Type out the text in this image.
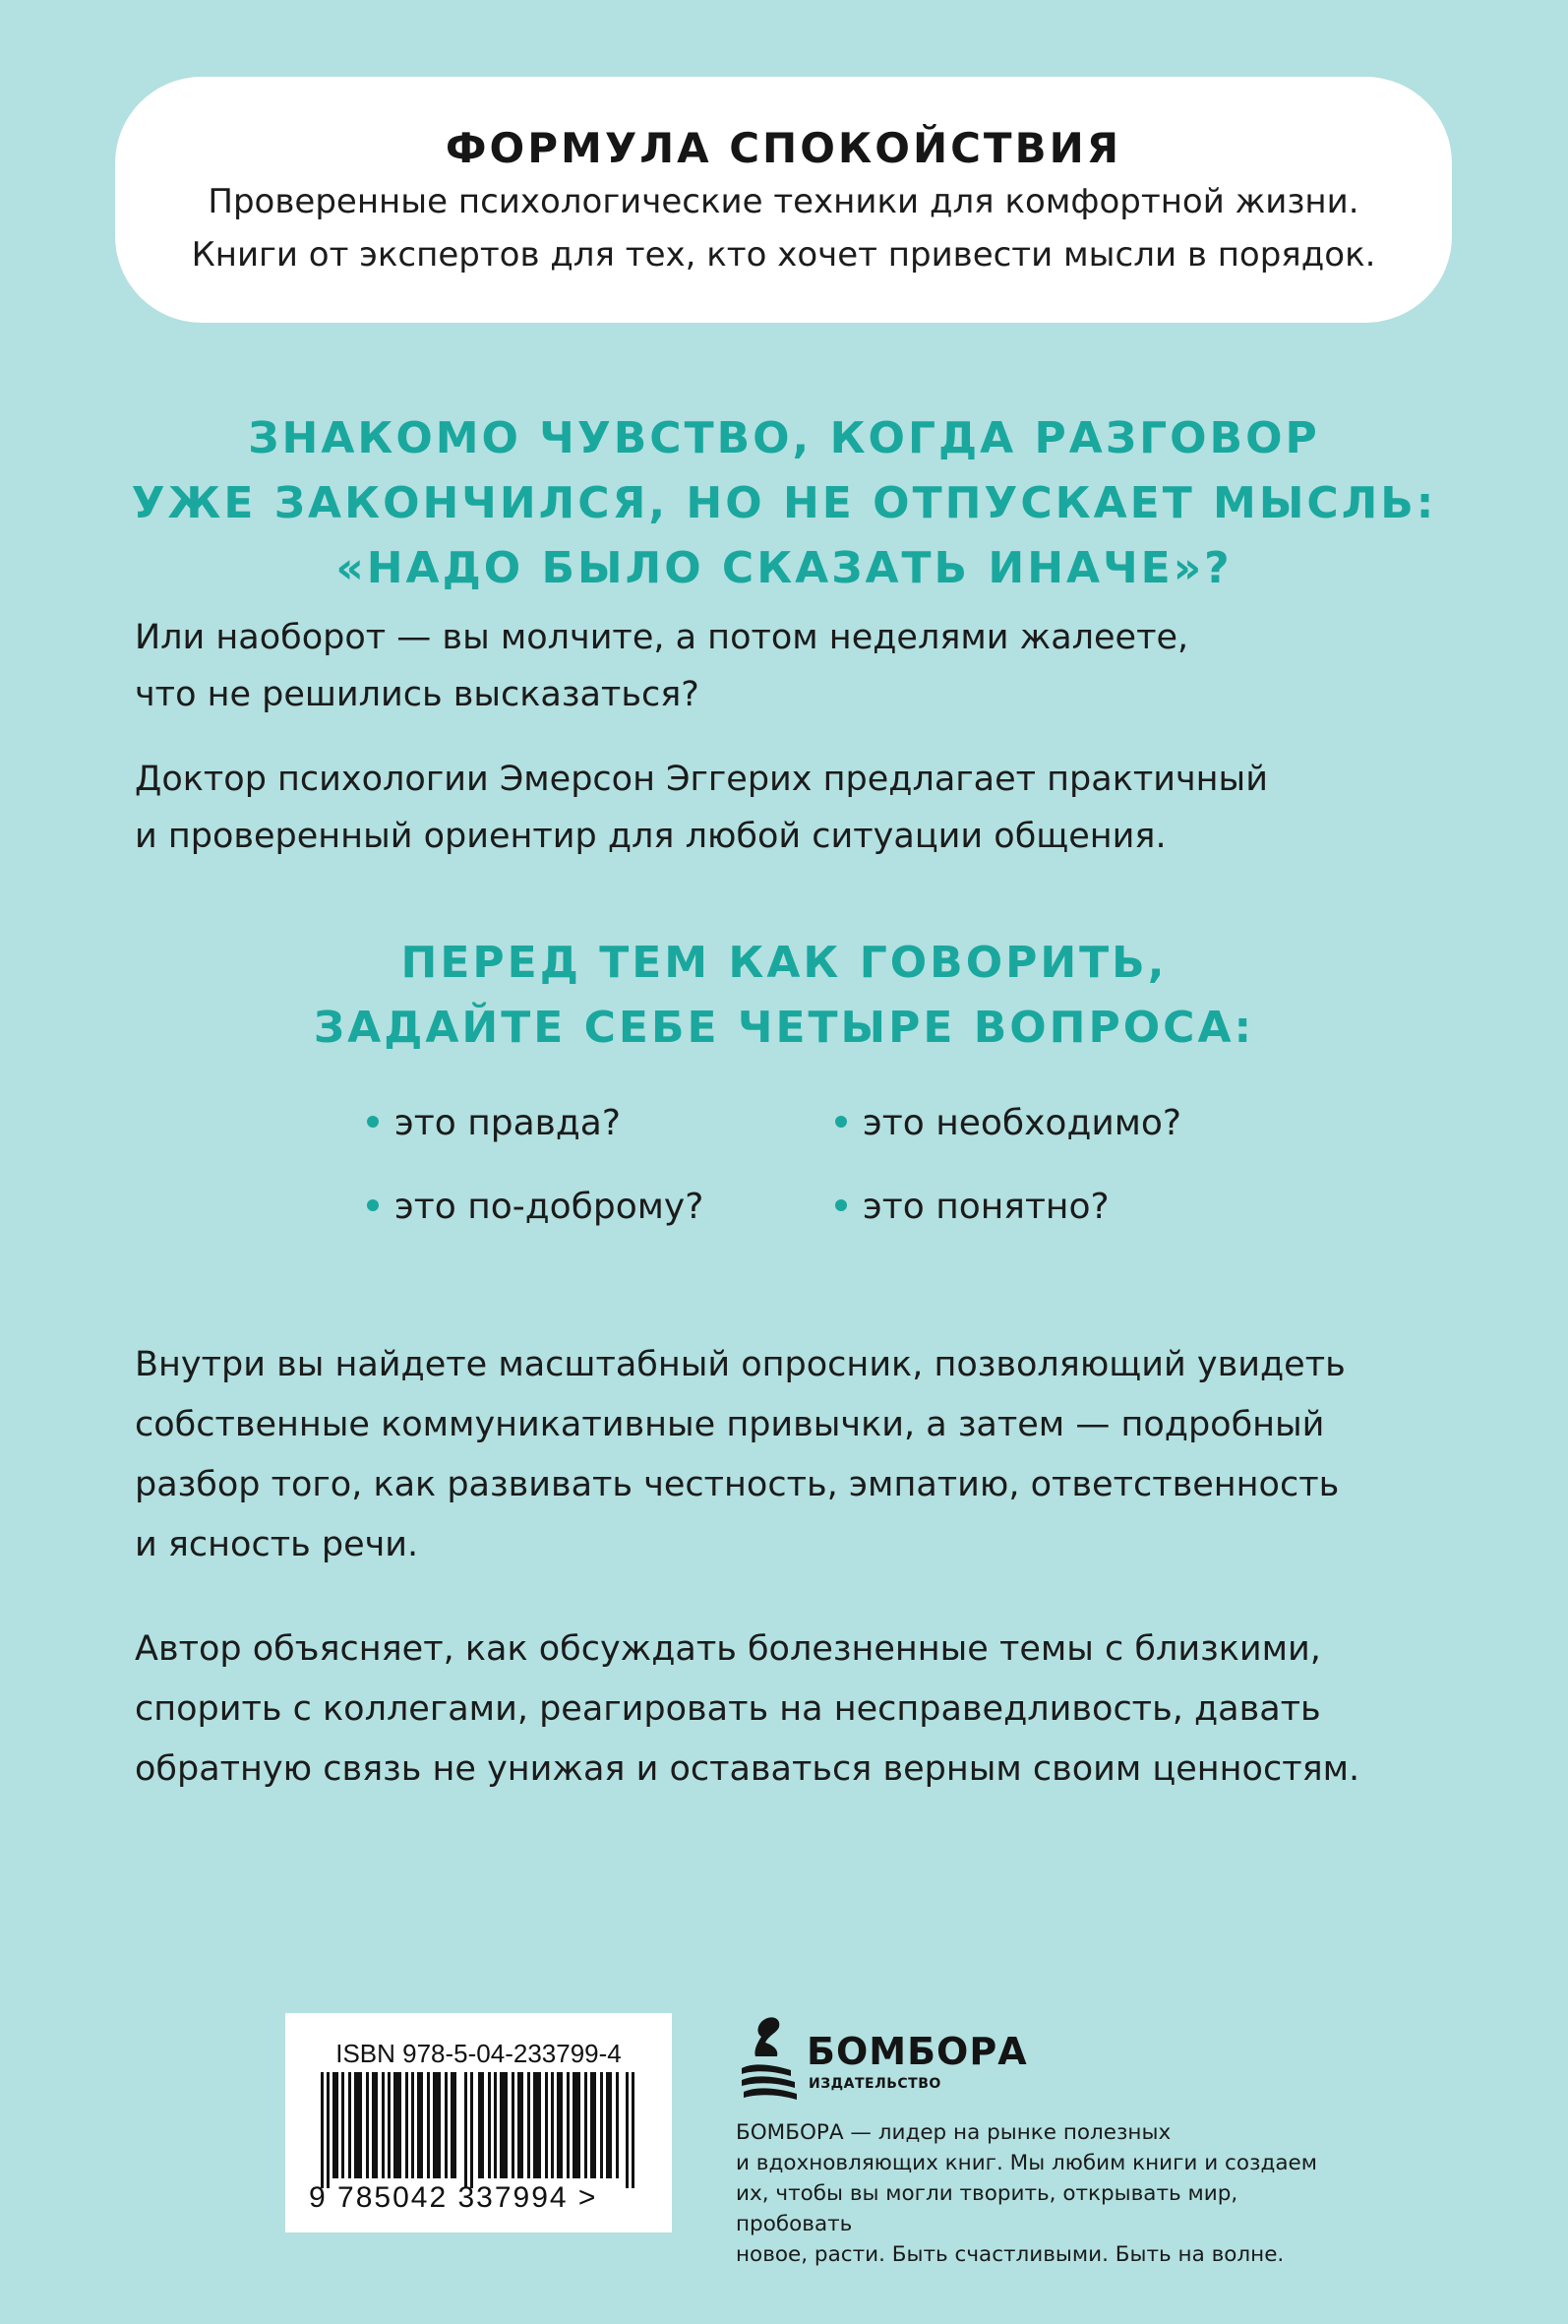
ФОРМУЛА СПОКОЙСТВИЯ
Проверенные психологические техники для комфортной жизни.
Книги от экспертов для тех, кто хочет привести мысли в порядок.
ЗНАКОМО ЧУВСТВО, КОГДА РАЗГОВОР
УЖЕ ЗАКОНЧИЛСЯ, НО НЕ ОТПУСКАЕТ МЫСЛЬ:
«НАДО БЫЛО СКАЗАТЬ ИНАЧЕ»?
Или наоборот — вы молчите, а потом неделями жалеете,
что не решились высказаться?
Доктор психологии Эмерсон Эггерих предлагает практичный
и проверенный ориентир для любой ситуации общения.
ПЕРЕД ТЕМ КАК ГОВОРИТЬ,
ЗАДАЙТЕ СЕБЕ ЧЕТЫРЕ ВОПРОСА:
это правда?	это необходимо?
это по-доброму?	это понятно?
Внутри вы найдете масштабный опросник, позволяющий увидеть
собственные коммуникативные привычки, а затем — подробный
разбор того, как развивать честность, эмпатию, ответственность
и ясность речи.
Автор объясняет, как обсуждать болезненные темы с близкими,
спорить с коллегами, реагировать на несправедливость, давать
обратную связь не унижая и оставаться верным своим ценностям.
ISBN 978-5-04-233799-4
9 785042 337994 >
БОМБОРА
ИЗДАТЕЛЬСТВО
БОМБОРА — лидер на рынке полезных
и вдохновляющих книг. Мы любим книги и создаем
их, чтобы вы могли творить, открывать мир, пробовать
новое, расти. Быть счастливыми. Быть на волне.
